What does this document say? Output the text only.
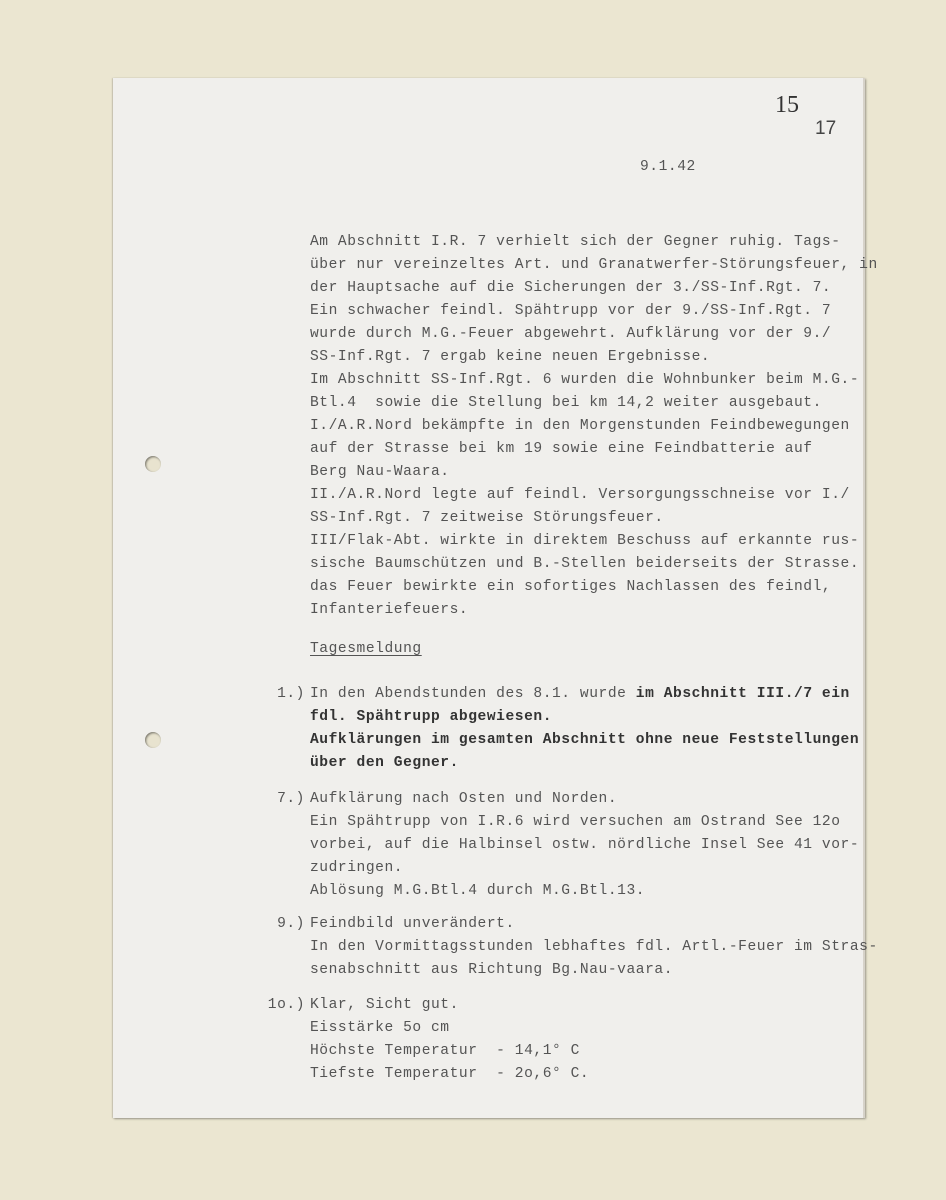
15
17
9.1.42
Am Abschnitt I.R. 7 verhielt sich der Gegner ruhig. Tags-
über nur vereinzeltes Art. und Granatwerfer-Störungsfeuer, in
der Hauptsache auf die Sicherungen der 3./SS-Inf.Rgt. 7.
Ein schwacher feindl. Spähtrupp vor der 9./SS-Inf.Rgt. 7
wurde durch M.G.-Feuer abgewehrt. Aufklärung vor der 9./
SS-Inf.Rgt. 7 ergab keine neuen Ergebnisse.
Im Abschnitt SS-Inf.Rgt. 6 wurden die Wohnbunker beim M.G.-
Btl.4  sowie die Stellung bei km 14,2 weiter ausgebaut.
I./A.R.Nord bekämpfte in den Morgenstunden Feindbewegungen
auf der Strasse bei km 19 sowie eine Feindbatterie auf
Berg Nau-Waara.
II./A.R.Nord legte auf feindl. Versorgungsschneise vor I./
SS-Inf.Rgt. 7 zeitweise Störungsfeuer.
III/Flak-Abt. wirkte in direktem Beschuss auf erkannte rus-
sische Baumschützen und B.-Stellen beiderseits der Strasse.
das Feuer bewirkte ein sofortiges Nachlassen des feindl,
Infanteriefeuers.
Tagesmeldung
1.) In den Abendstunden des 8.1. wurde im Abschnitt III./7 ein
fdl. Spähtrupp abgewiesen.
Aufklärungen im gesamten Abschnitt ohne neue Feststellungen
über den Gegner.
7.) Aufklärung nach Osten und Norden.
Ein Spähtrupp von I.R.6 wird versuchen am Ostrand See 12o
vorbei, auf die Halbinsel ostw. nördliche Insel See 41 vor-
zudringen.
Ablösung M.G.Btl.4 durch M.G.Btl.13.
9.) Feindbild unverändert.
In den Vormittagsstunden lebhaftes fdl. Artl.-Feuer im Stras-
senabschnitt aus Richtung Bg.Nau-vaara.
1o.) Klar, Sicht gut.
Eisstärke 5o cm
Höchste Temperatur  - 14,1° C
Tiefste Temperatur  - 2o,6° C.
